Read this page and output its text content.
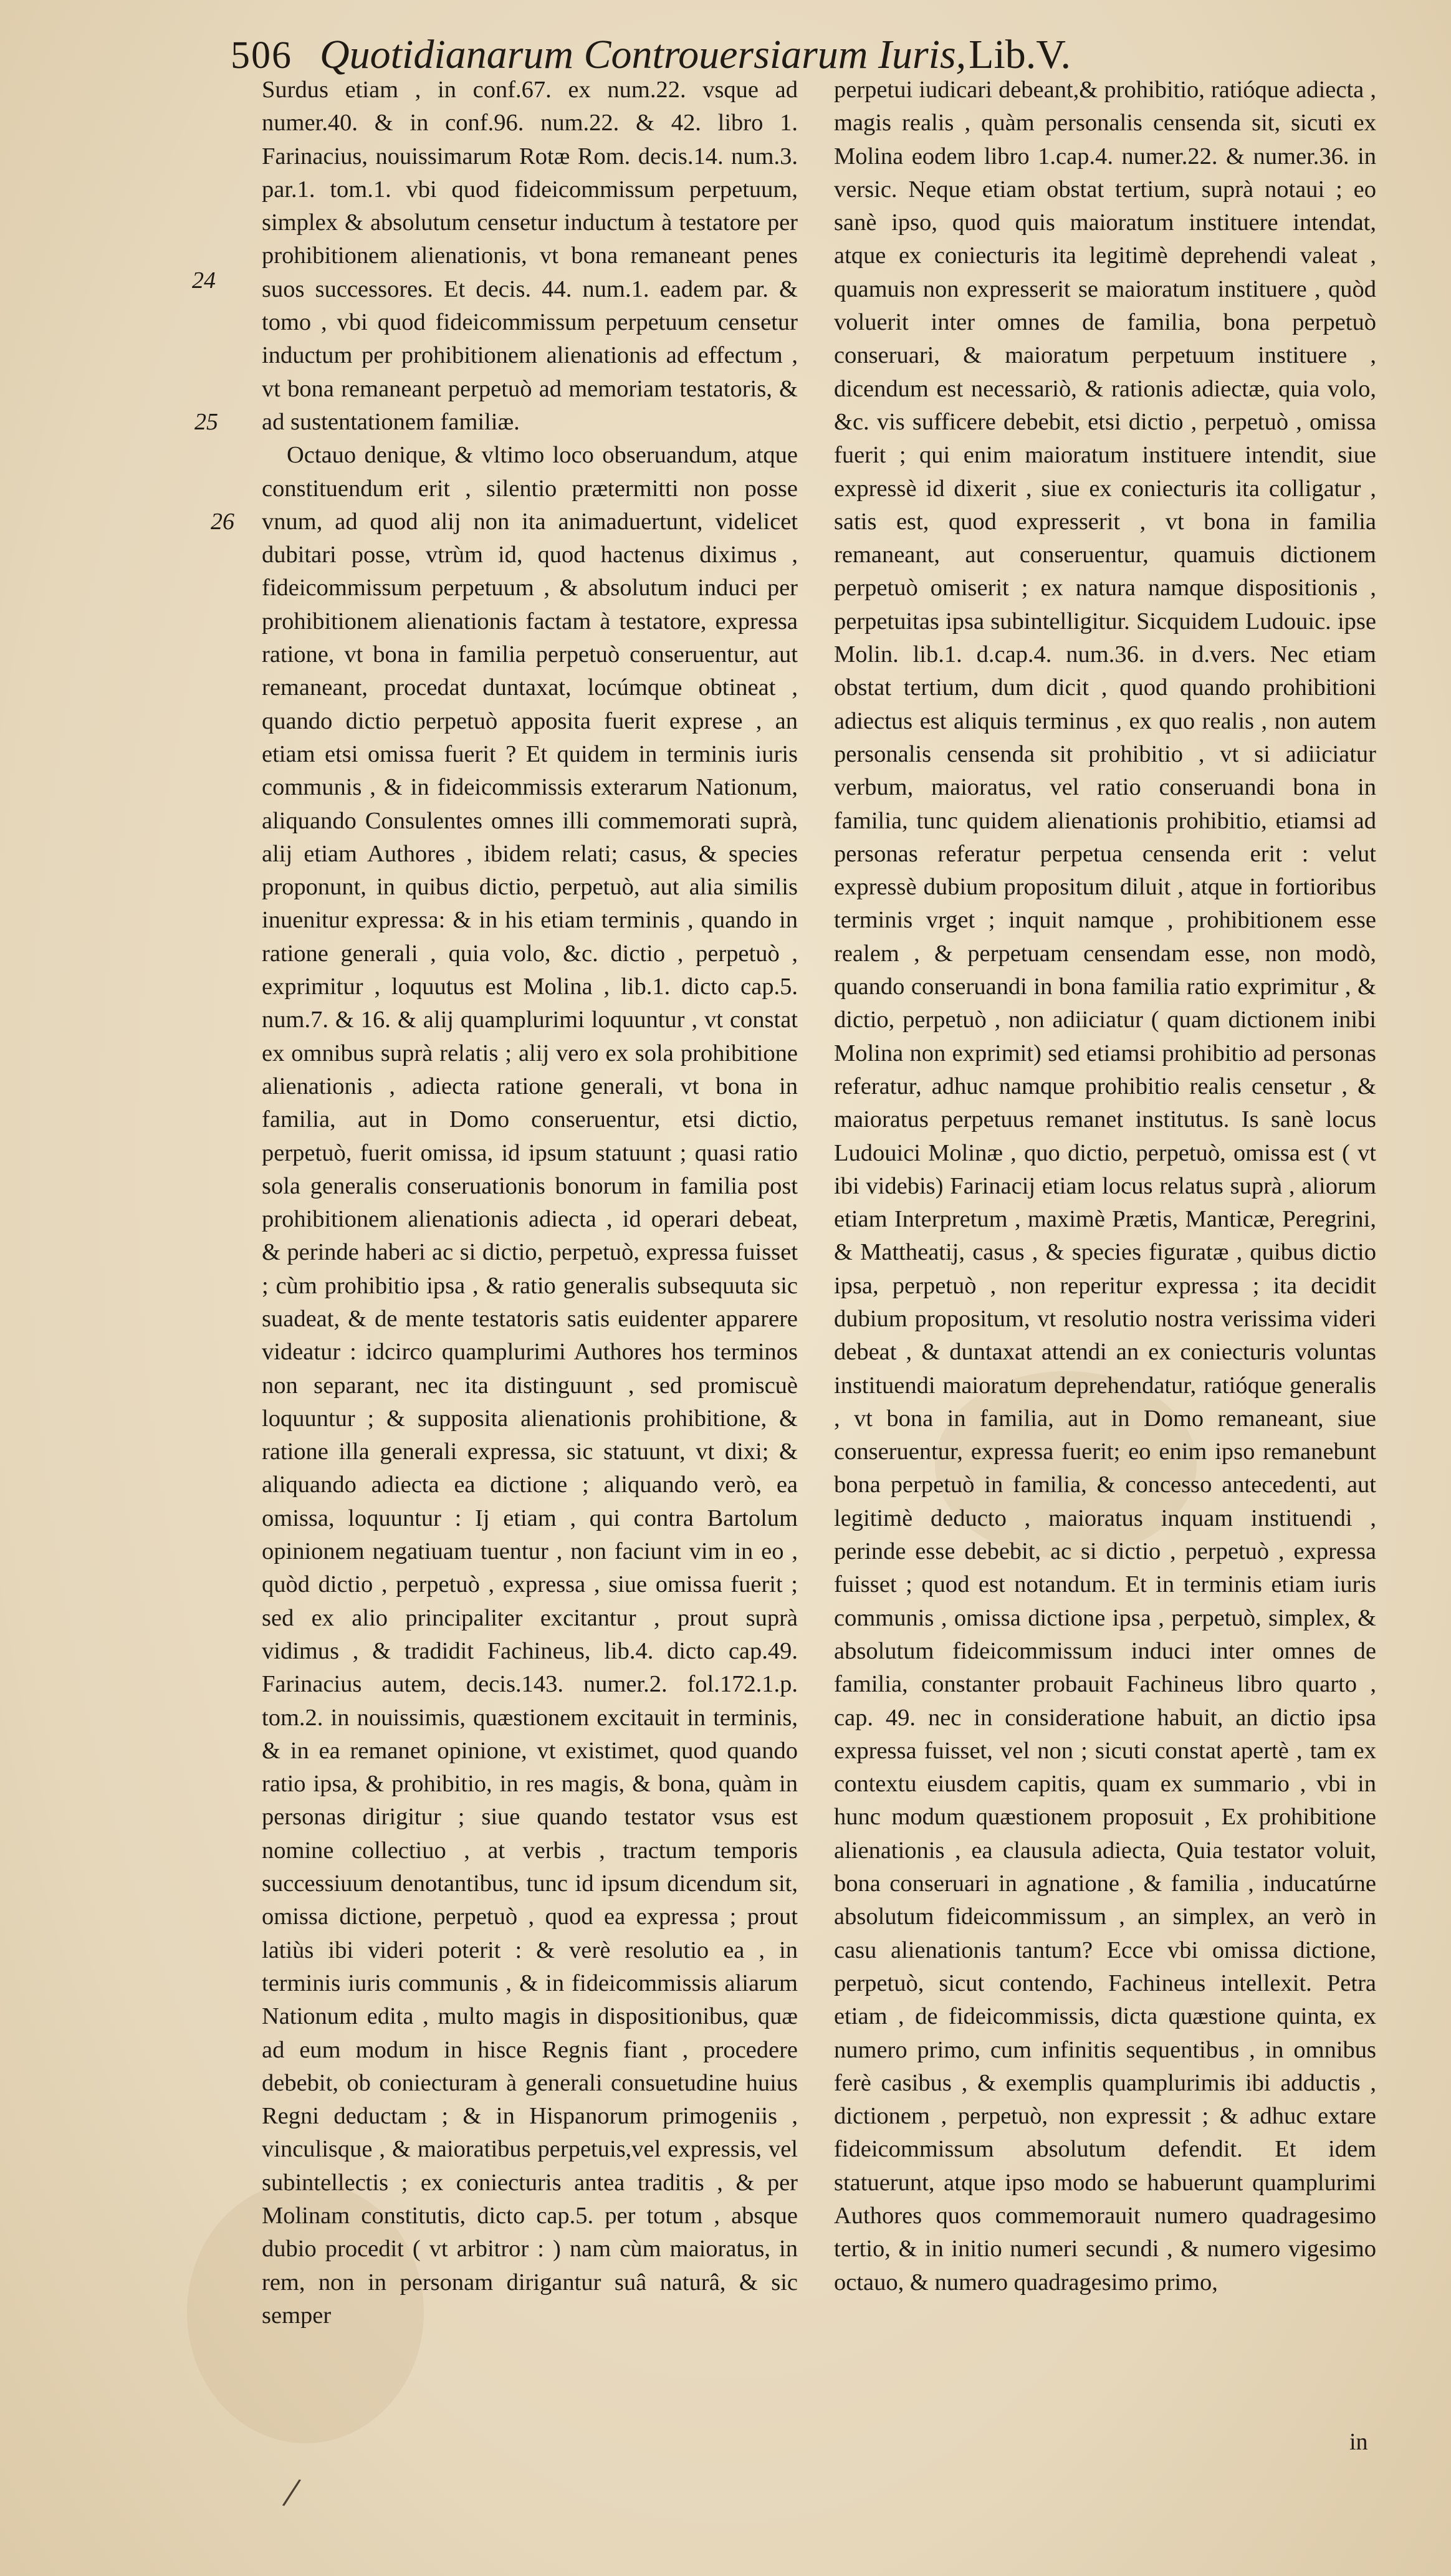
506 Quotidianarum Controuersiarum Iuris, Lib.V.
24
25
26

Surdus etiam , in conf.67. ex num.22. vsque ad numer.40. & in conf.96. num.22. & 42. libro 1. Farinacius, nouissimarum Rotæ Rom. decis.14. num.3. par.1. tom.1. vbi quod fideicommissum perpetuum, simplex & absolutum censetur inductum à testatore per prohibitionem alienationis, vt bona remaneant penes suos successores. Et decis. 44. num.1. eadem par. & tomo , vbi quod fideicommissum perpetuum censetur inductum per prohibitionem alienationis ad effectum , vt bona remaneant perpetuò ad memoriam testatoris, & ad sustentationem familiæ.

Octauo denique, & vltimo loco obseruandum, atque constituendum erit , silentio prætermitti non posse vnum, ad quod alij non ita animaduertunt, videlicet dubitari posse, vtrùm id, quod hactenus diximus , fideicommissum perpetuum , & absolutum induci per prohibitionem alienationis factam à testatore, expressa ratione, vt bona in familia perpetuò conseruentur, aut remaneant, procedat duntaxat, locúmque obtineat , quando dictio perpetuò apposita fuerit exprese , an etiam etsi omissa fuerit ? Et quidem in terminis iuris communis , & in fideicommissis exterarum Nationum, aliquando Consulentes omnes illi commemorati suprà, alij etiam Authores , ibidem relati; casus, & species proponunt, in quibus dictio, perpetuò, aut alia similis inuenitur expressa: & in his etiam terminis , quando in ratione generali , quia volo, &c. dictio , perpetuò , exprimitur , loquutus est Molina , lib.1. dicto cap.5. num.7. & 16. & alij quamplurimi loquuntur , vt constat ex omnibus suprà relatis ; alij vero ex sola prohibitione alienationis , adiecta ratione generali, vt bona in familia, aut in Domo conseruentur, etsi dictio, perpetuò, fuerit omissa, id ipsum statuunt ; quasi ratio sola generalis conseruationis bonorum in familia post prohibitionem alienationis adiecta , id operari debeat, & perinde haberi ac si dictio, perpetuò, expressa fuisset ; cùm prohibitio ipsa , & ratio generalis subsequuta sic suadeat, & de mente testatoris satis euidenter apparere videatur : idcirco quamplurimi Authores hos terminos non separant, nec ita distinguunt , sed promiscuè loquuntur ; & supposita alienationis prohibitione, & ratione illa generali expressa, sic statuunt, vt dixi; & aliquando adiecta ea dictione ; aliquando verò, ea omissa, loquuntur : Ij etiam , qui contra Bartolum opinionem negatiuam tuentur , non faciunt vim in eo , quòd dictio , perpetuò , expressa , siue omissa fuerit ; sed ex alio principaliter excitantur , prout suprà vidimus , & tradidit Fachineus, lib.4. dicto cap.49. Farinacius autem, decis.143. numer.2. fol.172.1.p. tom.2. in nouissimis, quæstionem excitauit in terminis, & in ea remanet opinione, vt existimet, quod quando ratio ipsa, & prohibitio, in res magis, & bona, quàm in personas dirigitur ; siue quando testator vsus est nomine collectiuo , at verbis , tractum temporis successiuum denotantibus, tunc id ipsum dicendum sit, omissa dictione, perpetuò , quod ea expressa ; prout latiùs ibi videri poterit : & verè resolutio ea , in terminis iuris communis , & in fideicommissis aliarum Nationum edita , multo magis in dispositionibus, quæ ad eum modum in hisce Regnis fiant , procedere debebit, ob coniecturam à generali consuetudine huius Regni deductam ; & in Hispanorum primogeniis , vinculisque , & maioratibus perpetuis,vel expressis, vel subintellectis ; ex coniecturis antea traditis , & per Molinam constitutis, dicto cap.5. per totum , absque dubio procedit ( vt arbitror : ) nam cùm maioratus, in rem, non in personam dirigantur suâ naturâ, & sic semper

perpetui iudicari debeant,& prohibitio, ratióque adiecta , magis realis , quàm personalis censenda sit, sicuti ex Molina eodem libro 1.cap.4. numer.22. & numer.36. in versic. Neque etiam obstat tertium, suprà notaui ; eo sanè ipso, quod quis maioratum instituere intendat, atque ex coniecturis ita legitimè deprehendi valeat , quamuis non expresserit se maioratum instituere , quòd voluerit inter omnes de familia, bona perpetuò conseruari, & maioratum perpetuum instituere , dicendum est necessariò, & rationis adiectæ, quia volo, &c. vis sufficere debebit, etsi dictio , perpetuò , omissa fuerit ; qui enim maioratum instituere intendit, siue expressè id dixerit , siue ex coniecturis ita colligatur , satis est, quod expresserit , vt bona in familia remaneant, aut conseruentur, quamuis dictionem perpetuò omiserit ; ex natura namque dispositionis , perpetuitas ipsa subintelligitur. Sicquidem Ludouic. ipse Molin. lib.1. d.cap.4. num.36. in d.vers. Nec etiam obstat tertium, dum dicit , quod quando prohibitioni adiectus est aliquis terminus , ex quo realis , non autem personalis censenda sit prohibitio , vt si adiiciatur verbum, maioratus, vel ratio conseruandi bona in familia, tunc quidem alienationis prohibitio, etiamsi ad personas referatur perpetua censenda erit : velut expressè dubium propositum diluit , atque in fortioribus terminis vrget ; inquit namque , prohibitionem esse realem , & perpetuam censendam esse, non modò, quando conseruandi in bona familia ratio exprimitur , & dictio, perpetuò , non adiiciatur ( quam dictionem inibi Molina non exprimit) sed etiamsi prohibitio ad personas referatur, adhuc namque prohibitio realis censetur , & maioratus perpetuus remanet institutus. Is sanè locus Ludouici Molinæ , quo dictio, perpetuò, omissa est ( vt ibi videbis) Farinacij etiam locus relatus suprà , aliorum etiam Interpretum , maximè Prætis, Manticæ, Peregrini, & Mattheatij, casus , & species figuratæ , quibus dictio ipsa, perpetuò , non reperitur expressa ; ita decidit dubium propositum, vt resolutio nostra verissima videri debeat , & duntaxat attendi an ex coniecturis voluntas instituendi maioratum deprehendatur, ratióque generalis , vt bona in familia, aut in Domo remaneant, siue conseruentur, expressa fuerit; eo enim ipso remanebunt bona perpetuò in familia, & concesso antecedenti, aut legitimè deducto , maioratus inquam instituendi , perinde esse debebit, ac si dictio , perpetuò , expressa fuisset ; quod est notandum. Et in terminis etiam iuris communis , omissa dictione ipsa , perpetuò, simplex, & absolutum fideicommissum induci inter omnes de familia, constanter probauit Fachineus libro quarto , cap. 49. nec in consideratione habuit, an dictio ipsa expressa fuisset, vel non ; sicuti constat apertè , tam ex contextu eiusdem capitis, quam ex summario , vbi in hunc modum quæstionem proposuit , Ex prohibitione alienationis , ea clausula adiecta, Quia testator voluit, bona conseruari in agnatione , & familia , inducatúrne absolutum fideicommissum , an simplex, an verò in casu alienationis tantum? Ecce vbi omissa dictione, perpetuò, sicut contendo, Fachineus intellexit. Petra etiam , de fideicommissis, dicta quæstione quinta, ex numero primo, cum infinitis sequentibus , in omnibus ferè casibus , & exemplis quamplurimis ibi adductis , dictionem , perpetuò, non expressit ; & adhuc extare fideicommissum absolutum defendit. Et idem statuerunt, atque ipso modo se habuerunt quamplurimi Authores quos commemorauit numero quadragesimo tertio, & in initio numeri secundi , & numero vigesimo octauo, & numero quadragesimo primo,

in
/
